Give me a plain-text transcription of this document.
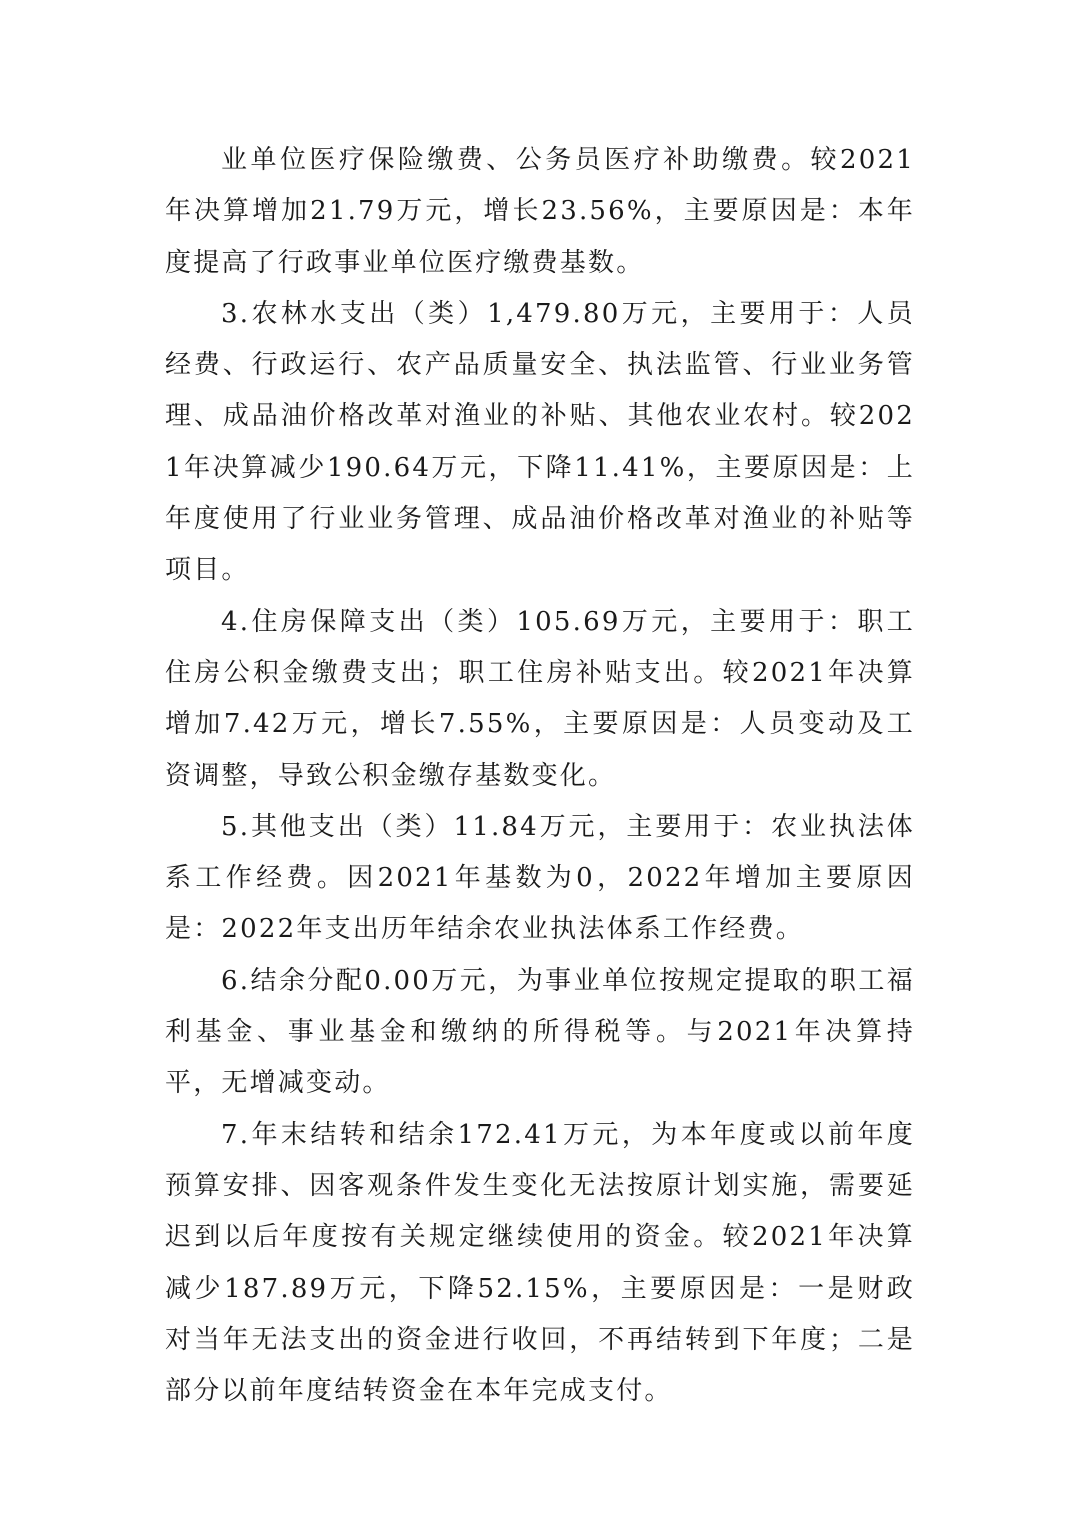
业单位医疗保险缴费、公务员医疗补助缴费。较2021年决算增加21.79万元，增长23.56%，主要原因是：本年度提高了行政事业单位医疗缴费基数。

3.农林水支出（类）1,479.80万元，主要用于：人员经费、行政运行、农产品质量安全、执法监管、行业业务管理、成品油价格改革对渔业的补贴、其他农业农村。较2021年决算减少190.64万元，下降11.41%，主要原因是：上年度使用了行业业务管理、成品油价格改革对渔业的补贴等项目。

4.住房保障支出（类）105.69万元，主要用于：职工住房公积金缴费支出；职工住房补贴支出。较2021年决算增加7.42万元，增长7.55%，主要原因是：人员变动及工资调整，导致公积金缴存基数变化。

5.其他支出（类）11.84万元，主要用于：农业执法体系工作经费。因2021年基数为0，2022年增加主要原因是：2022年支出历年结余农业执法体系工作经费。

6.结余分配0.00万元，为事业单位按规定提取的职工福利基金、事业基金和缴纳的所得税等。与2021年决算持平，无增减变动。

7.年末结转和结余172.41万元，为本年度或以前年度预算安排、因客观条件发生变化无法按原计划实施，需要延迟到以后年度按有关规定继续使用的资金。较2021年决算减少187.89万元，下降52.15%，主要原因是：一是财政对当年无法支出的资金进行收回，不再结转到下年度；二是部分以前年度结转资金在本年完成支付。
